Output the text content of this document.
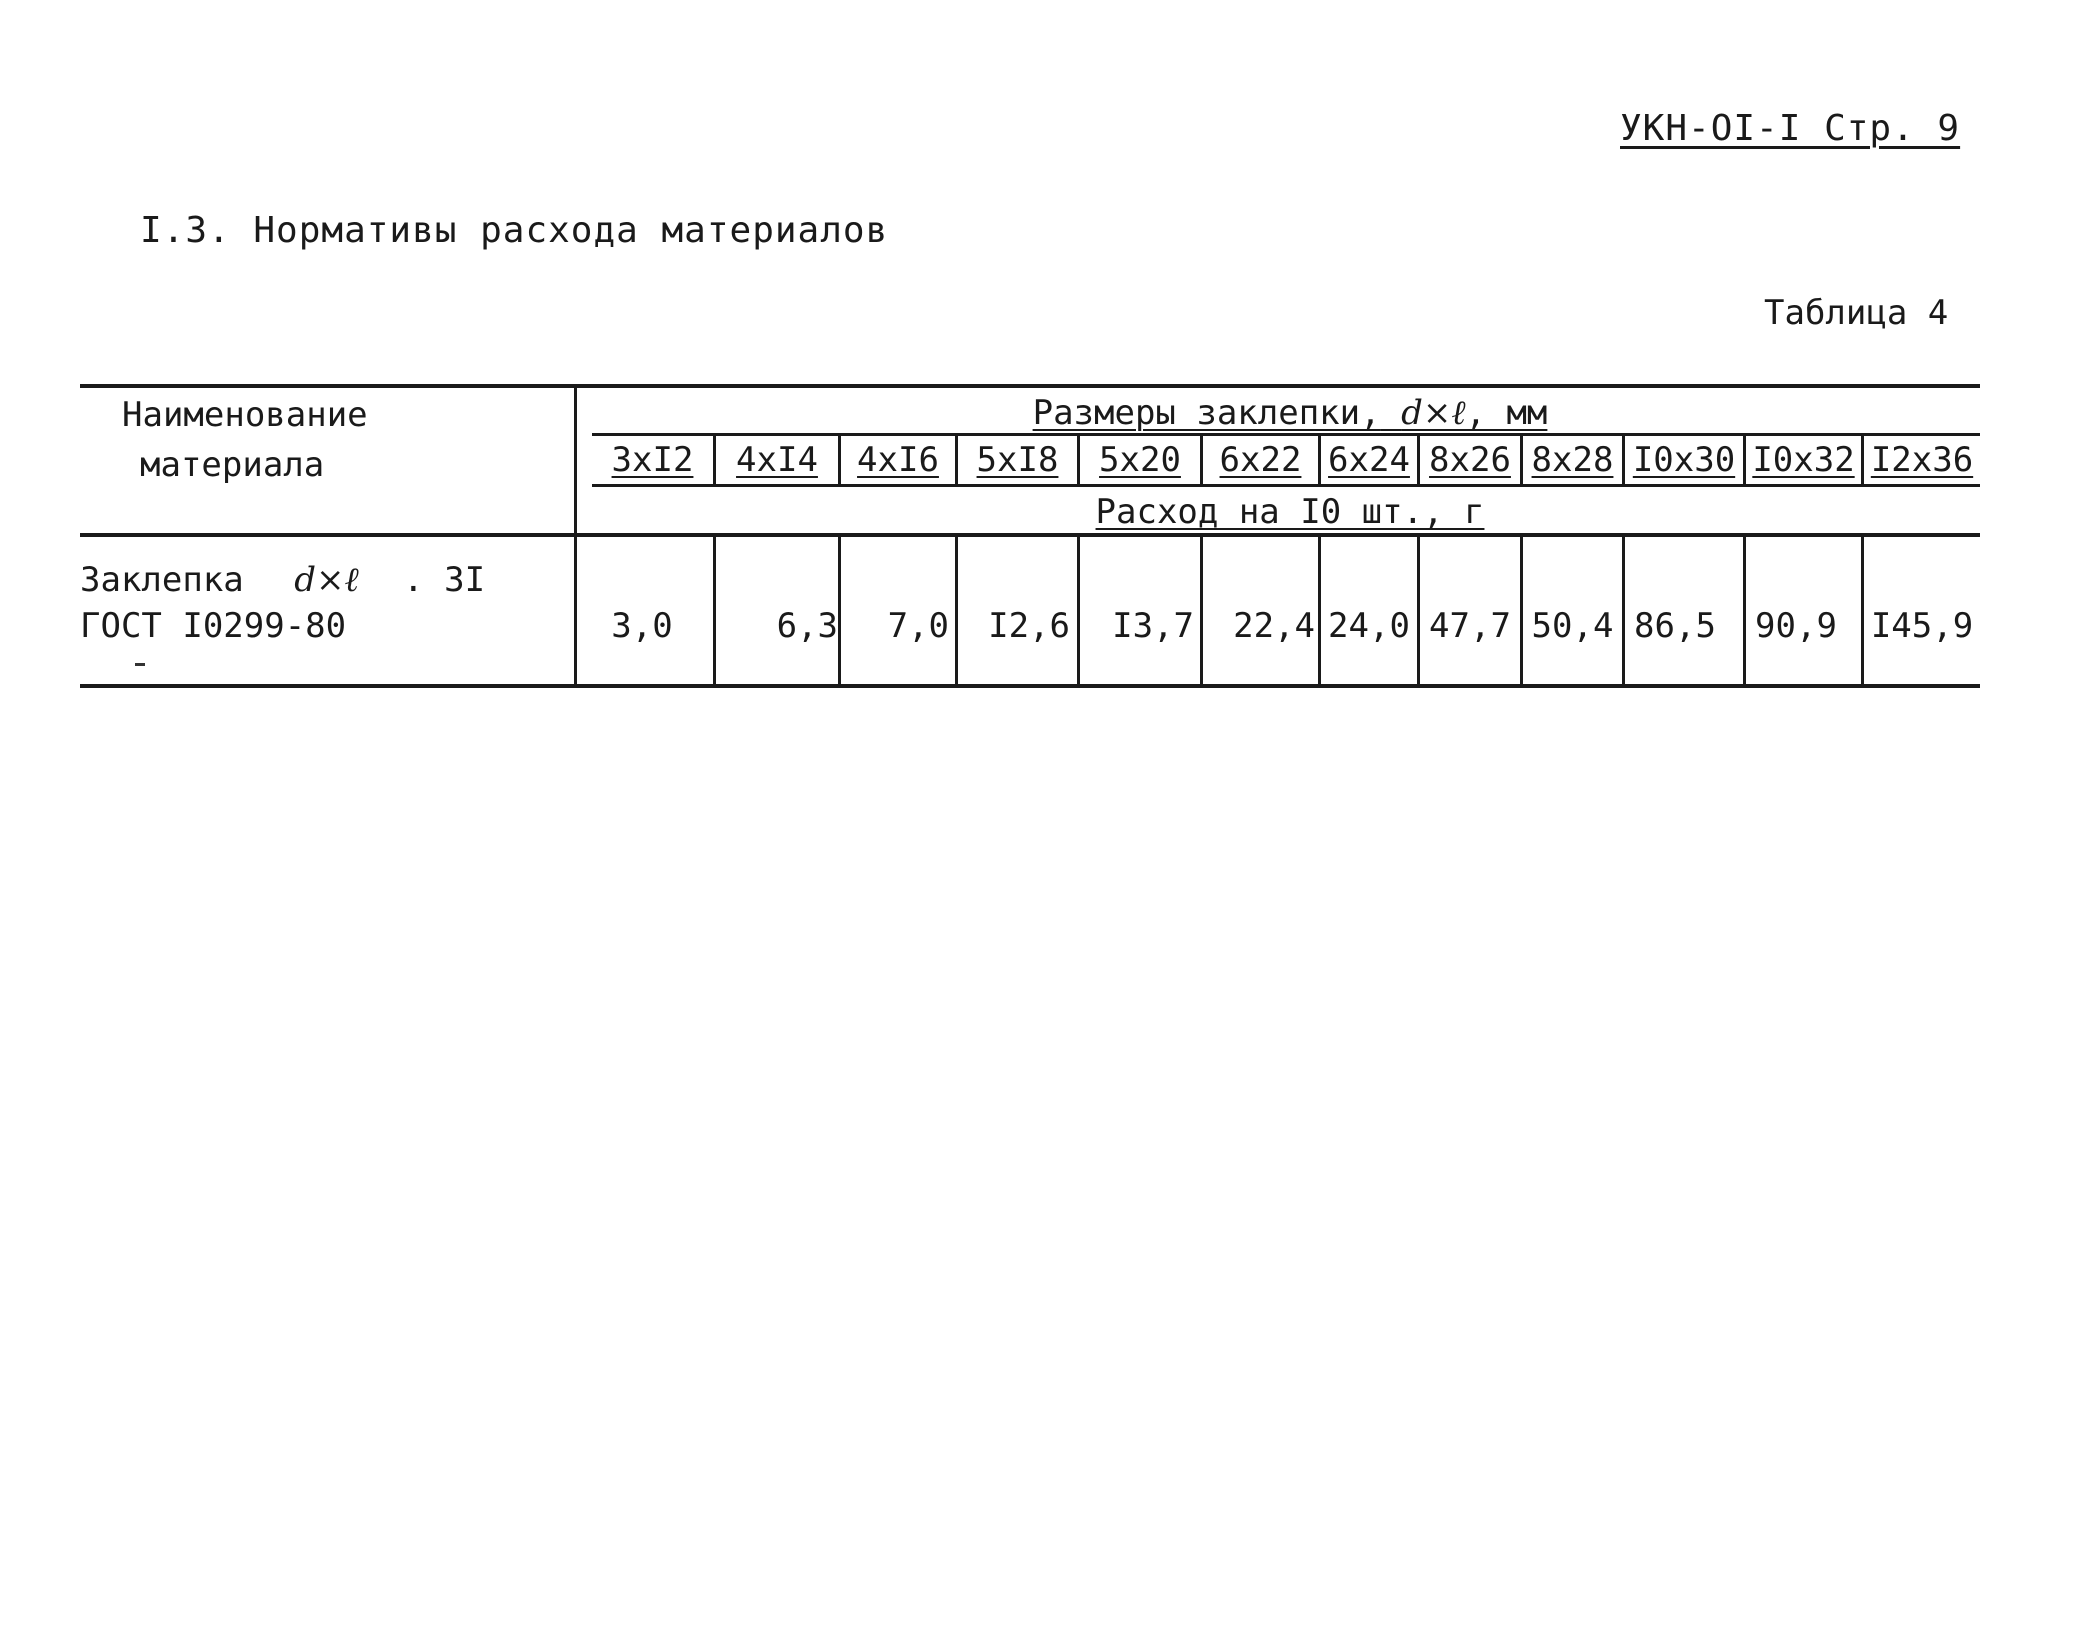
УКН-ОI-I Стр. 9
I.3. Нормативы расхода материалов
Таблица 4
Наименование
материала
Размеры заклепки, d×ℓ, мм
3xI2	4xI4	4xI6	5xI8	5x20	6x22 6x24 8x26 8x28 I0x30 I0x32 I2x36
Расход на I0 шт., г
Заклепка d×ℓ . 3I
ГОСТ I0299-80	3,0	6,3	7,0	I2,6	I3,7	22,4 24,0 47,7 50,4 86,5 90,9 I45,9
